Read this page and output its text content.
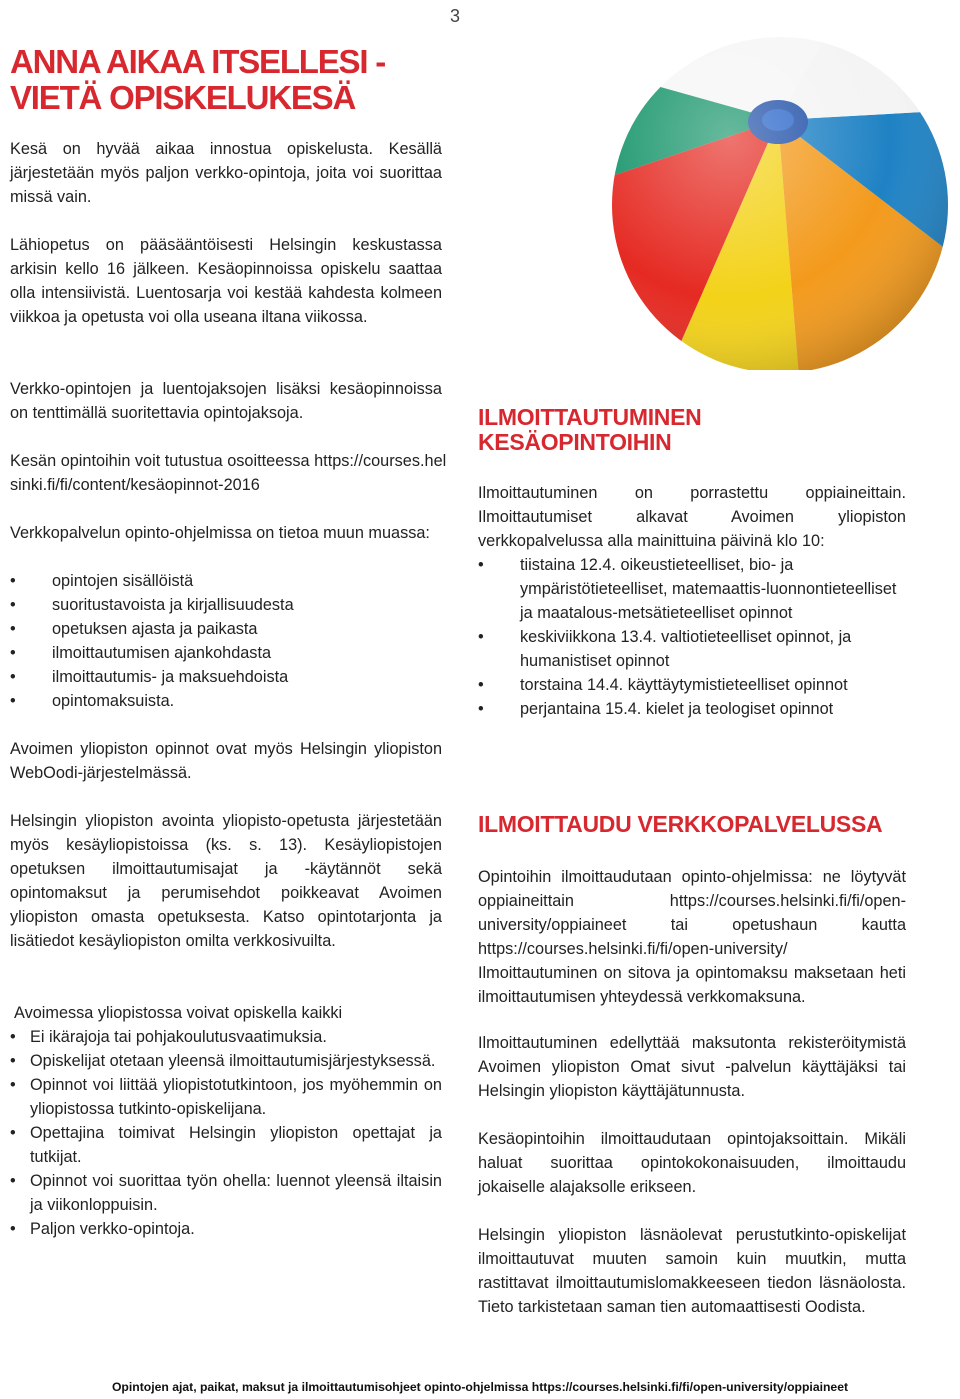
3
ANNA AIKAA ITSELLESI - VIETÄ OPISKELUKESÄ
Kesä on hyvää aikaa innostua opiskelusta. Kesällä järjestetään myös paljon verkko-opintoja, joita voi suorittaa missä vain.
Lähiopetus on pääsääntöisesti Helsingin keskustassa arkisin kello 16 jälkeen. Kesäopinnoissa opiskelu saattaa olla intensiivistä. Luentosarja voi kestää kahdesta kolmeen viikkoa ja opetusta voi olla useana iltana viikossa.
Verkko-opintojen ja luentojaksojen lisäksi kesäopinnoissa on tenttimällä suoritettavia opintojaksoja.
Kesän opintoihin voit tutustua osoitteessa https://courses.helsinki.fi/fi/content/kesäopinnot-2016
Verkkopalvelun opinto-ohjelmissa on tietoa muun muassa:
• opintojen sisällöistä
• suoritustavoista ja kirjallisuudesta
• opetuksen ajasta ja paikasta
• ilmoittautumisen ajankohdasta
• ilmoittautumis- ja maksuehdoista
• opintomaksuista.
Avoimen yliopiston opinnot ovat myös Helsingin yliopiston WebOodi-järjestelmässä.
Helsingin yliopiston avointa yliopisto-opetusta järjestetään myös kesäyliopistoissa (ks. s. 13). Kesäyliopistojen opetuksen ilmoittautumisajat ja -käytännöt sekä opintomaksut ja perumisehdot poikkeavat Avoimen yliopiston omasta opetuksesta. Katso opintotarjonta ja lisätiedot kesäyliopiston omilta verkkosivuilta.
Avoimessa yliopistossa voivat opiskella kaikki
• Ei ikärajoja tai pohjakoulutusvaatimuksia.
• Opiskelijat otetaan yleensä ilmoittautumisjärjestyksessä.
• Opinnot voi liittää yliopistotutkintoon, jos myöhemmin on yliopistossa tutkinto-opiskelijana.
• Opettajina toimivat Helsingin yliopiston opettajat ja tutkijat.
• Opinnot voi suorittaa työn ohella: luennot yleensä iltaisin ja viikonloppuisin.
• Paljon verkko-opintoja.
ILMOITTAUTUMINEN KESÄOPINTOIHIN
Ilmoittautuminen on porrastettu oppiaineittain. Ilmoittautumiset alkavat Avoimen yliopiston verkkopalvelussa alla mainittuina päivinä klo 10:
• tiistaina 12.4. oikeustieteelliset, bio- ja ympäristötieteelliset, matemaattis-luonnontieteelliset ja maatalous-metsätieteelliset opinnot
• keskiviikkona 13.4. valtiotieteelliset opinnot, ja humanistiset opinnot
• torstaina 14.4. käyttäytymistieteelliset opinnot
• perjantaina 15.4. kielet ja teologiset opinnot
ILMOITTAUDU VERKKOPALVELUSSA
Opintoihin ilmoittaudutaan opinto-ohjelmissa: ne löytyvät oppiaineittain https://courses.helsinki.fi/fi/open-university/oppiaineet tai opetushaun kautta https://courses.helsinki.fi/fi/open-university/ Ilmoittautuminen on sitova ja opintomaksu maksetaan heti ilmoittautumisen yhteydessä verkkomaksuna.
Ilmoittautuminen edellyttää maksutonta rekisteröitymistä Avoimen yliopiston Omat sivut -palvelun käyttäjäksi tai Helsingin yliopiston käyttäjätunnusta.
Kesäopintoihin ilmoittaudutaan opintojaksoittain. Mikäli haluat suorittaa opintokokonaisuuden, ilmoittaudu jokaiselle alajaksolle erikseen.
Helsingin yliopiston läsnäolevat perustutkinto-opiskelijat ilmoittautuvat muuten samoin kuin muutkin, mutta rastittavat ilmoittautumislomakkeeseen tiedon läsnäolosta. Tieto tarkistetaan saman tien automaattisesti Oodista.
Opintojen ajat, paikat, maksut ja ilmoittautumisohjeet opinto-ohjelmissa https://courses.helsinki.fi/fi/open-university/oppiaineet
